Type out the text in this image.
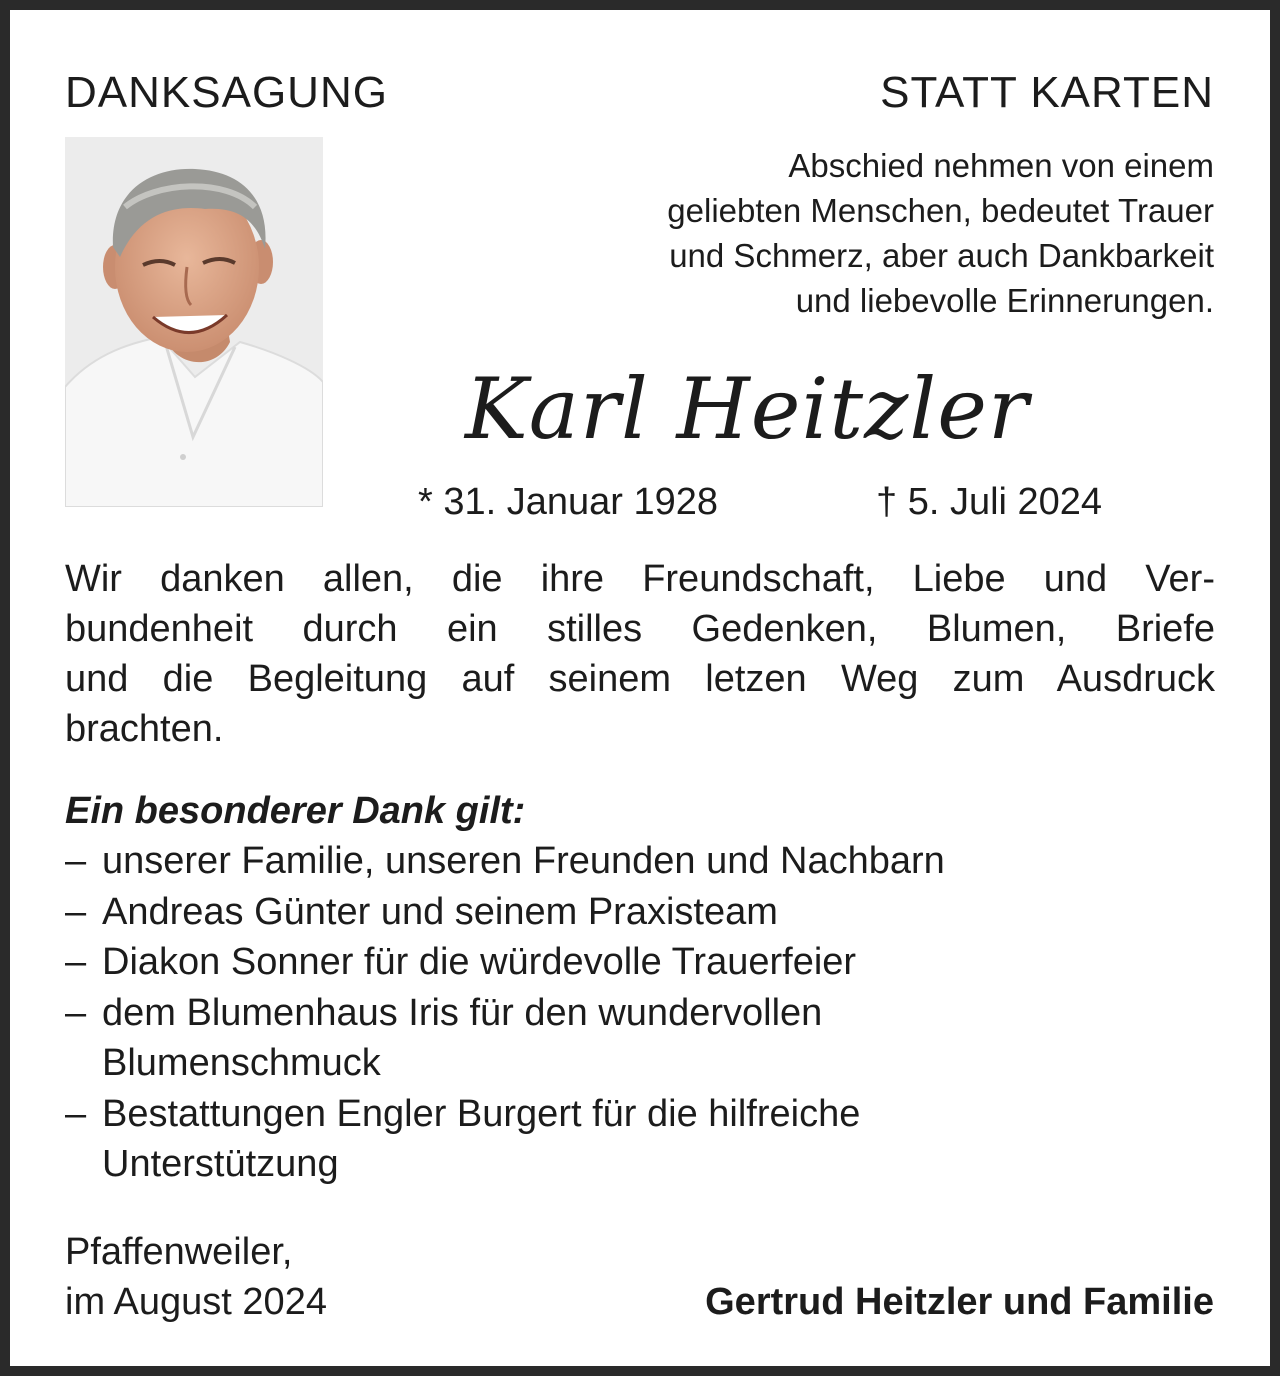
DANKSAGUNG	STATT KARTEN
Abschied nehmen von einem
geliebten Menschen, bedeutet Trauer
und Schmerz, aber auch Dankbarkeit
und liebevolle Erinnerungen.
Karl Heitzler
* 31. Januar 1928	† 5. Juli 2024
Wir danken allen, die ihre Freundschaft, Liebe und Ver-
bundenheit durch ein stilles Gedenken, Blumen, Briefe
und die Begleitung auf seinem letzen Weg zum Ausdruck
brachten.
Ein besonderer Dank gilt:
– unserer Familie, unseren Freunden und Nachbarn
– Andreas Günter und seinem Praxisteam
– Diakon Sonner für die würdevolle Trauerfeier
– dem Blumenhaus Iris für den wundervollen
Blumenschmuck
– Bestattungen Engler Burgert für die hilfreiche
Unterstützung
Pfaffenweiler,
im August 2024	Gertrud Heitzler und Familie
